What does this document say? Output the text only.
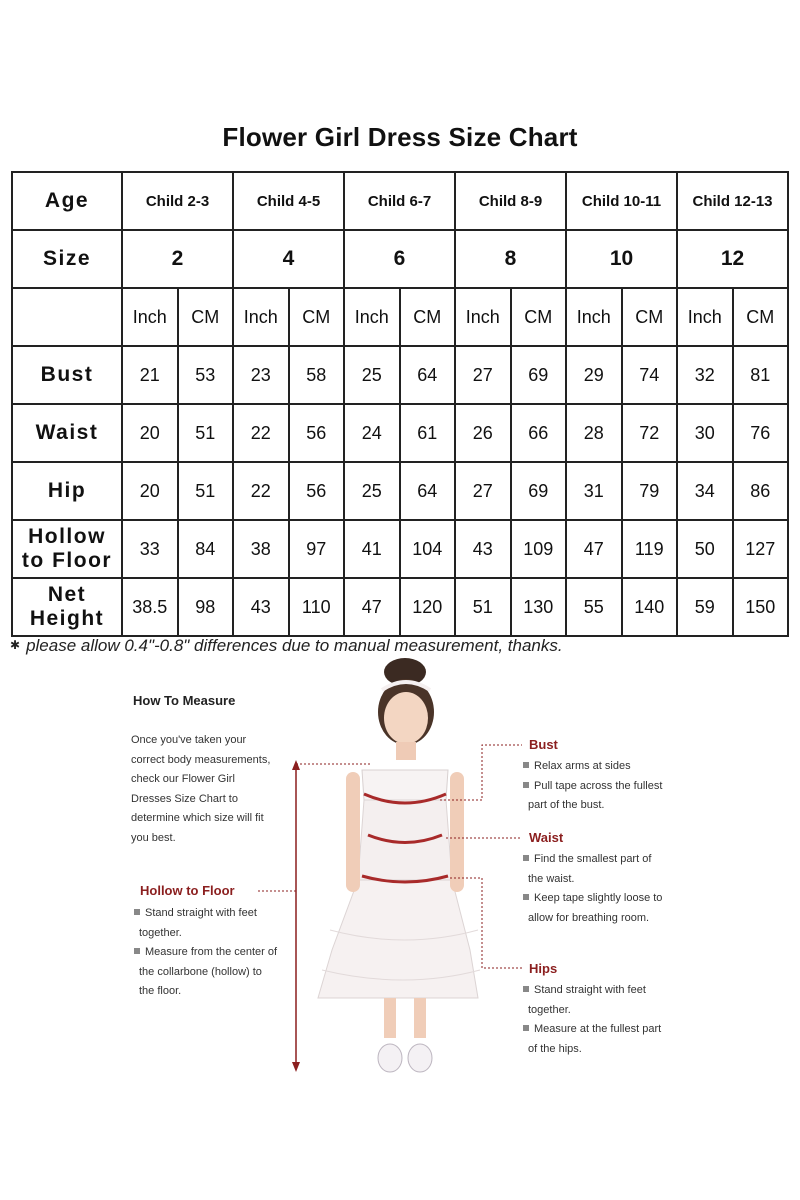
Flower Girl Dress Size Chart
Age	Child 2-3		Child 4-5		Child 6-7		Child 8-9		Child 10-11		Child 12-13	
Size	2		4		6		8		10		12	
	Inch	CM	Inch	CM	Inch	CM	Inch	CM	Inch	CM	Inch	CM
Bust	21	53	23	58	25	64	27	69	29	74	32	81
Waist	20	51	22	56	24	61	26	66	28	72	30	76
Hip	20	51	22	56	25	64	27	69	31	79	34	86

Hollow
to Floor	33	84	38	97	41	104	43	109	47	119	50	127

Net
Height	38.5	98	43	110	47	120	51	130	55	140	59	150
✱ please allow 0.4"-0.8" differences due to manual measurement, thanks.
How To Measure
Once you've taken your
correct body measurements,
check our Flower Girl
Dresses Size Chart to
determine which size will fit
you best.
Hollow to Floor
Stand straight with feet
together.
Measure from the center of
the collarbone (hollow) to
the floor.
Bust
Relax arms at sides
Pull tape across the fullest
part of the bust.
Waist
Find the smallest part of
the waist.
Keep tape slightly loose to
allow for breathing room.
Hips
Stand straight with feet
together.
Measure at the fullest part
of the hips.
